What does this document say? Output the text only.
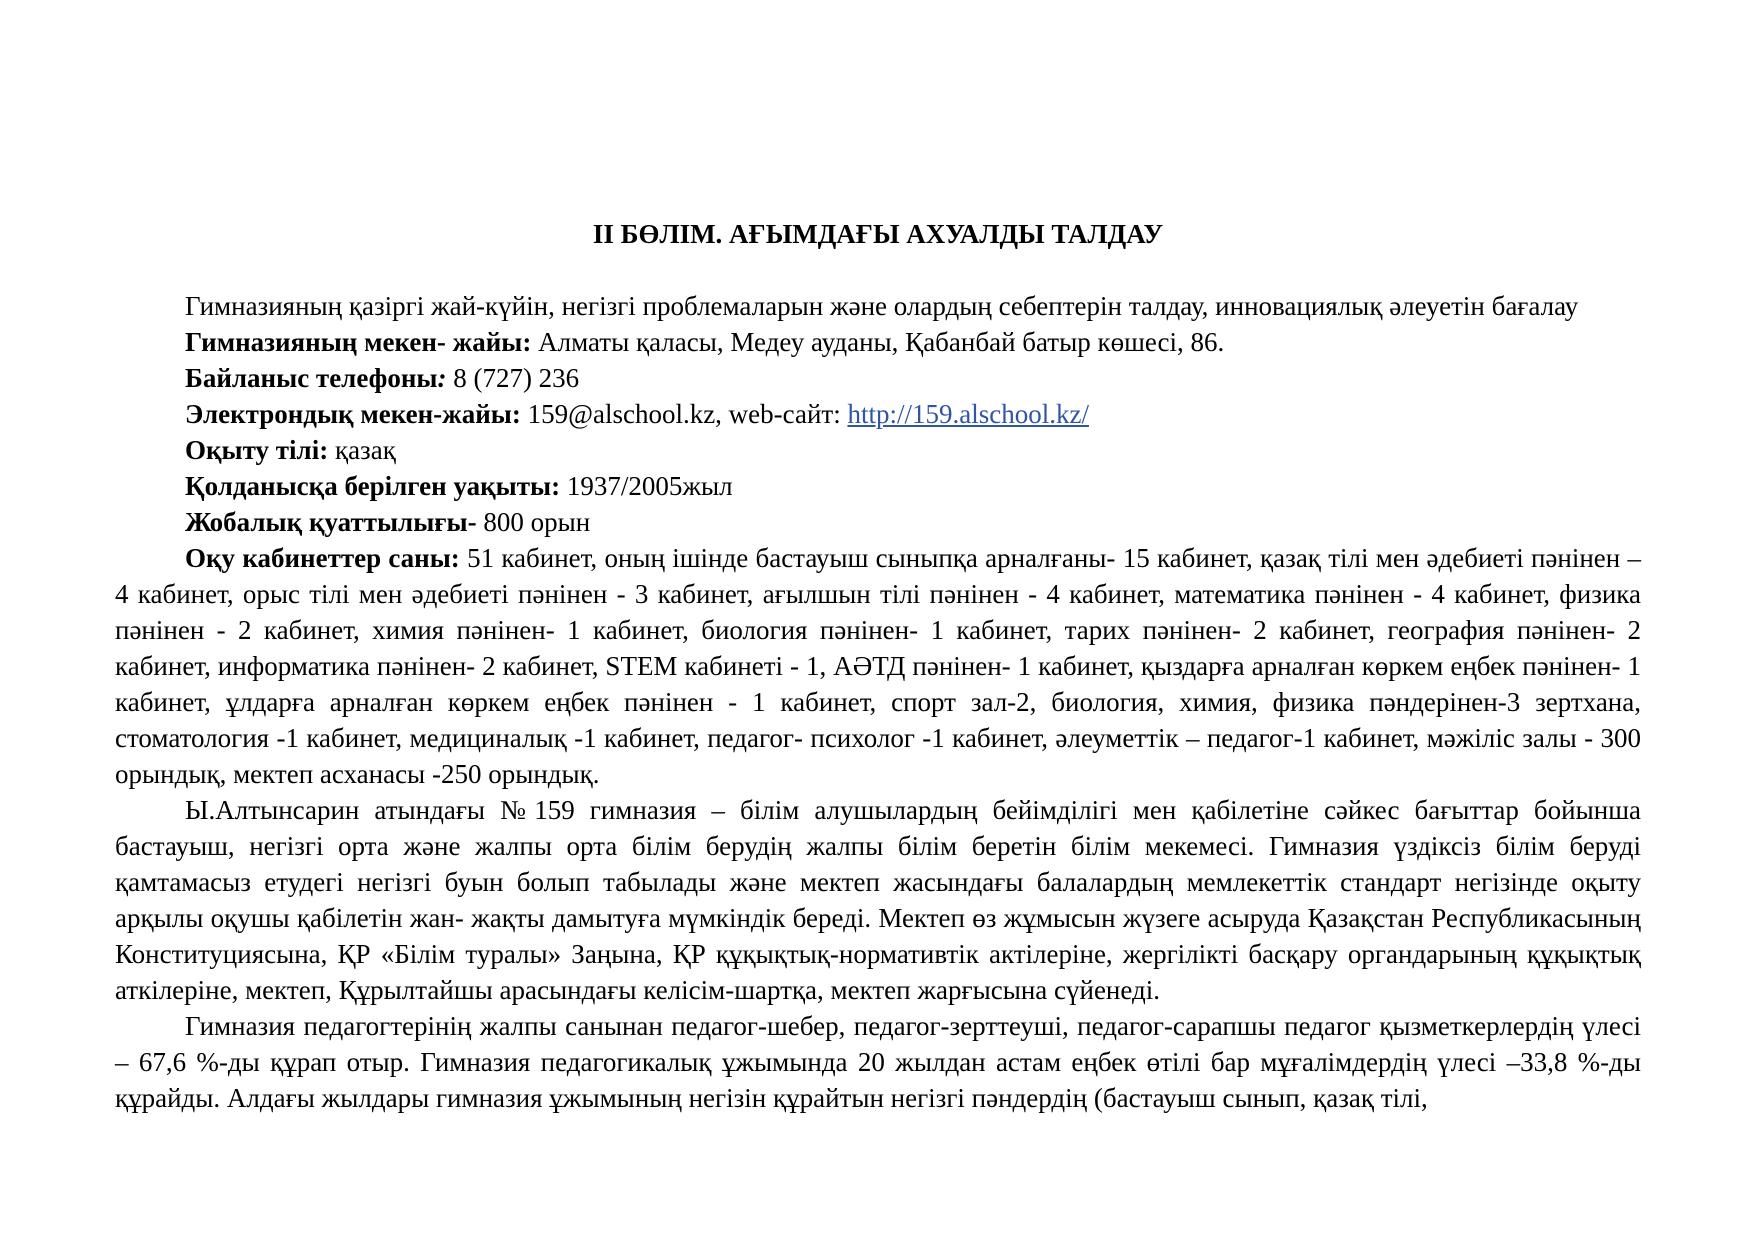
ІІ БӨЛІМ. АҒЫМДАҒЫ АХУАЛДЫ ТАЛДАУ

Гимназияның қазіргі жай-күйін, негізгі проблемаларын және олардың себептерін талдау, инновациялық әлеуетін бағалау

Гимназияның мекен- жайы: Алматы қаласы, Медеу ауданы, Қабанбай батыр көшесі, 86.

Байланыс телефоны: 8 (727) 236

Электрондық мекен-жайы: 159@alschool.kz, web-сайт: http://159.alschool.kz/

Оқыту тілі: қазақ

Қолданысқа берілген уақыты: 1937/2005жыл

Жобалық қуаттылығы- 800 орын

Оқу кабинеттер саны: 51 кабинет, оның ішінде бастауыш сыныпқа арналғаны- 15 кабинет, қазақ тілі мен әдебиеті пәнінен – 4 кабинет, орыс тілі мен әдебиеті пәнінен - 3 кабинет, ағылшын тілі пәнінен - 4 кабинет, математика пәнінен - 4 кабинет, физика пәнінен - 2 кабинет, химия пәнінен- 1 кабинет, биология пәнінен- 1 кабинет, тарих пәнінен- 2 кабинет, география пәнінен- 2 кабинет, информатика пәнінен- 2 кабинет, STEM кабинеті - 1, АӘТД пәнінен- 1 кабинет, қыздарға арналған көркем еңбек пәнінен- 1 кабинет, ұлдарға арналған көркем еңбек пәнінен - 1 кабинет, спорт зал-2, биология, химия, физика пәндерінен-3 зертхана, стоматология -1 кабинет, медициналық -1 кабинет, педагог- психолог -1 кабинет, әлеуметтік – педагог-1 кабинет, мәжіліс залы - 300 орындық, мектеп асханасы -250 орындық.

Ы.Алтынсарин атындағы №159 гимназия – білім алушылардың бейімділігі мен қабілетіне сәйкес бағыттар бойынша бастауыш, негізгі орта және жалпы орта білім берудің жалпы білім беретін білім мекемесі. Гимназия үздіксіз білім беруді қамтамасыз етудегі негізгі буын болып табылады және мектеп жасындағы балалардың мемлекеттік стандарт негізінде оқыту арқылы оқушы қабілетін жан- жақты дамытуға мүмкіндік береді. Мектеп өз жұмысын жүзеге асыруда Қазақстан Республикасының Конституциясына, ҚР «Білім туралы» Заңына, ҚР құқықтық-нормативтік актілеріне, жергілікті басқару органдарының құқықтық аткілеріне, мектеп, Құрылтайшы арасындағы келісім-шартқа, мектеп жарғысына сүйенеді.

Гимназия педагогтерінің жалпы санынан педагог-шебер, педагог-зерттеуші, педагог-сарапшы педагог қызметкерлердің үлесі – 67,6 %-ды құрап отыр. Гимназия педагогикалық ұжымында 20 жылдан астам еңбек өтілі бар мұғалімдердің үлесі –33,8 %-ды құрайды. Алдағы жылдары гимназия ұжымының негізін құрайтын негізгі пәндердің (бастауыш сынып, қазақ тілі,
